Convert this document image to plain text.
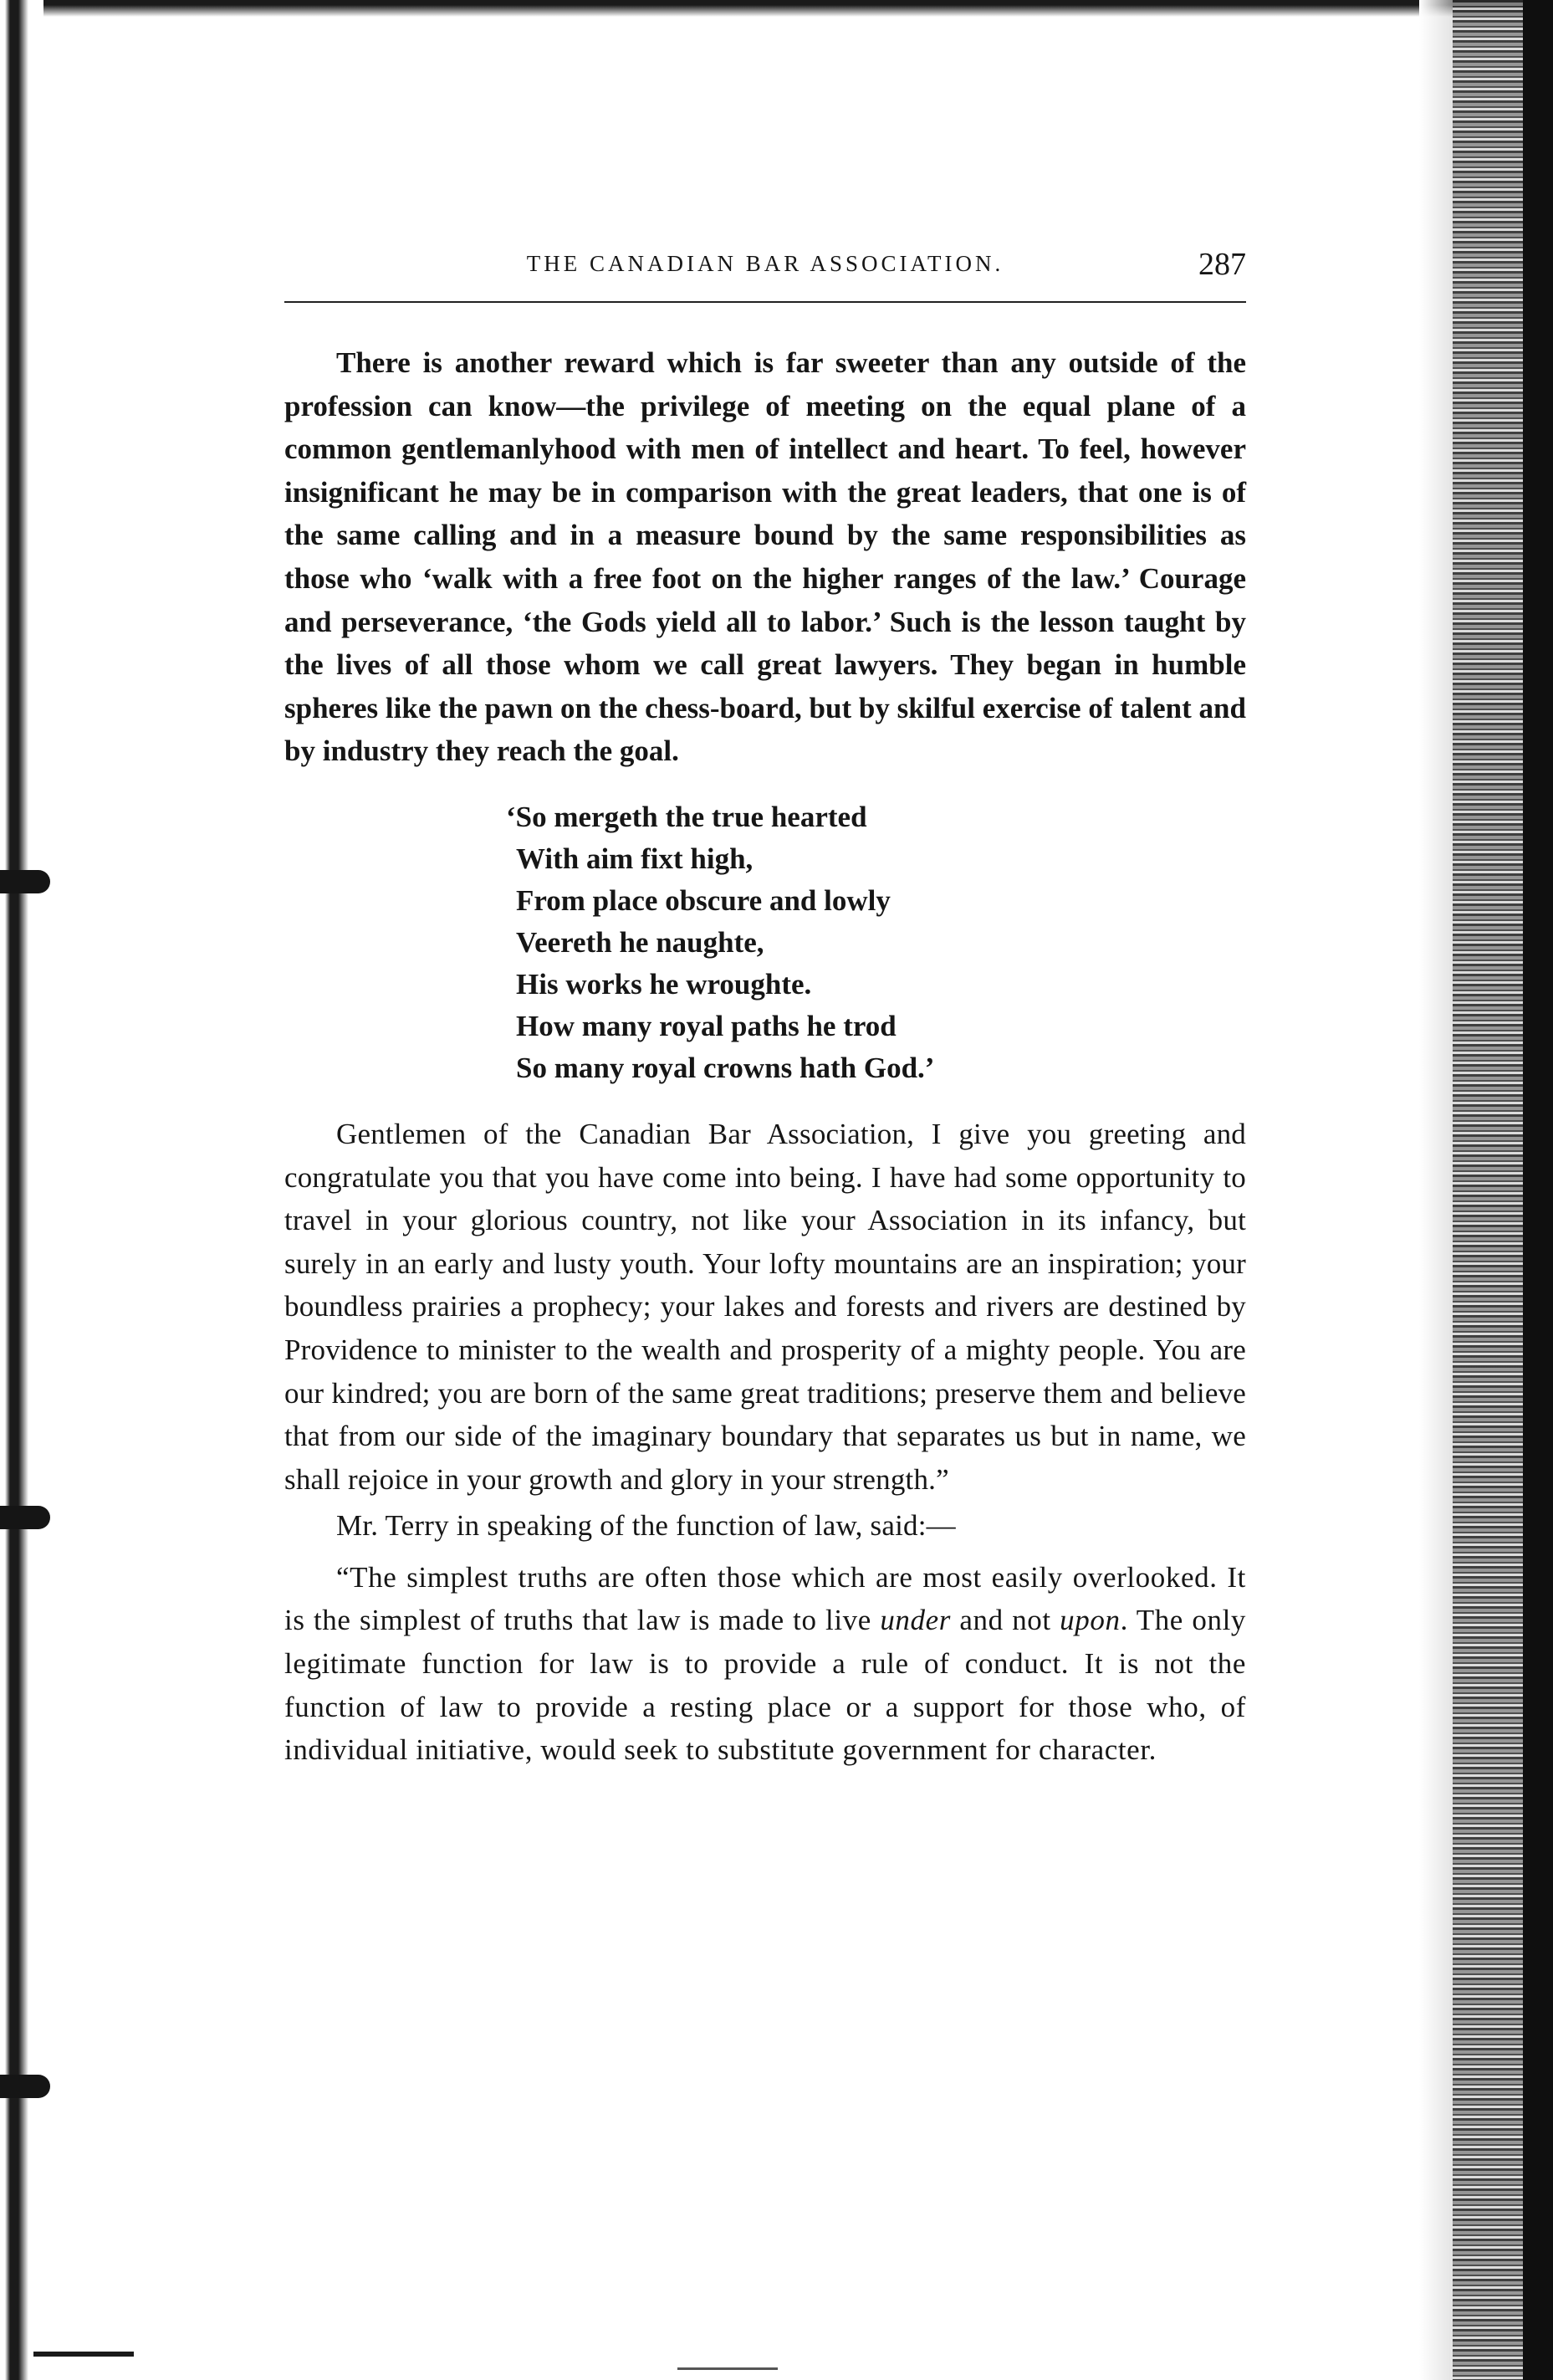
THE CANADIAN BAR ASSOCIATION.	287

There is another reward which is far sweeter than any outside of the profession can know—the privilege of meeting on the equal plane of a common gentlemanlyhood with men of intellect and heart. To feel, however insignificant he may be in comparison with the great leaders, that one is of the same calling and in a measure bound by the same responsibilities as those who ‘walk with a free foot on the higher ranges of the law.’ Courage and perseverance, ‘the Gods yield all to labor.’ Such is the lesson taught by the lives of all those whom we call great lawyers. They began in humble spheres like the pawn on the chess-board, but by skilful exercise of talent and by industry they reach the goal.

‘So mergeth the true hearted
With aim fixt high,
From place obscure and lowly
Veereth he naughte,
His works he wroughte.
How many royal paths he trod
So many royal crowns hath God.’

Gentlemen of the Canadian Bar Association, I give you greeting and congratulate you that you have come into being. I have had some opportunity to travel in your glorious country, not like your Association in its infancy, but surely in an early and lusty youth. Your lofty mountains are an inspiration; your boundless prairies a prophecy; your lakes and forests and rivers are destined by Providence to minister to the wealth and prosperity of a mighty people. You are our kindred; you are born of the same great traditions; preserve them and believe that from our side of the imaginary boundary that separates us but in name, we shall rejoice in your growth and glory in your strength.”

Mr. Terry in speaking of the function of law, said:—

“The simplest truths are often those which are most easily overlooked. It is the simplest of truths that law is made to live under and not upon. The only legitimate function for law is to provide a rule of conduct. It is not the function of law to provide a resting place or a support for those who, of individual initiative, would seek to substitute government for character.
